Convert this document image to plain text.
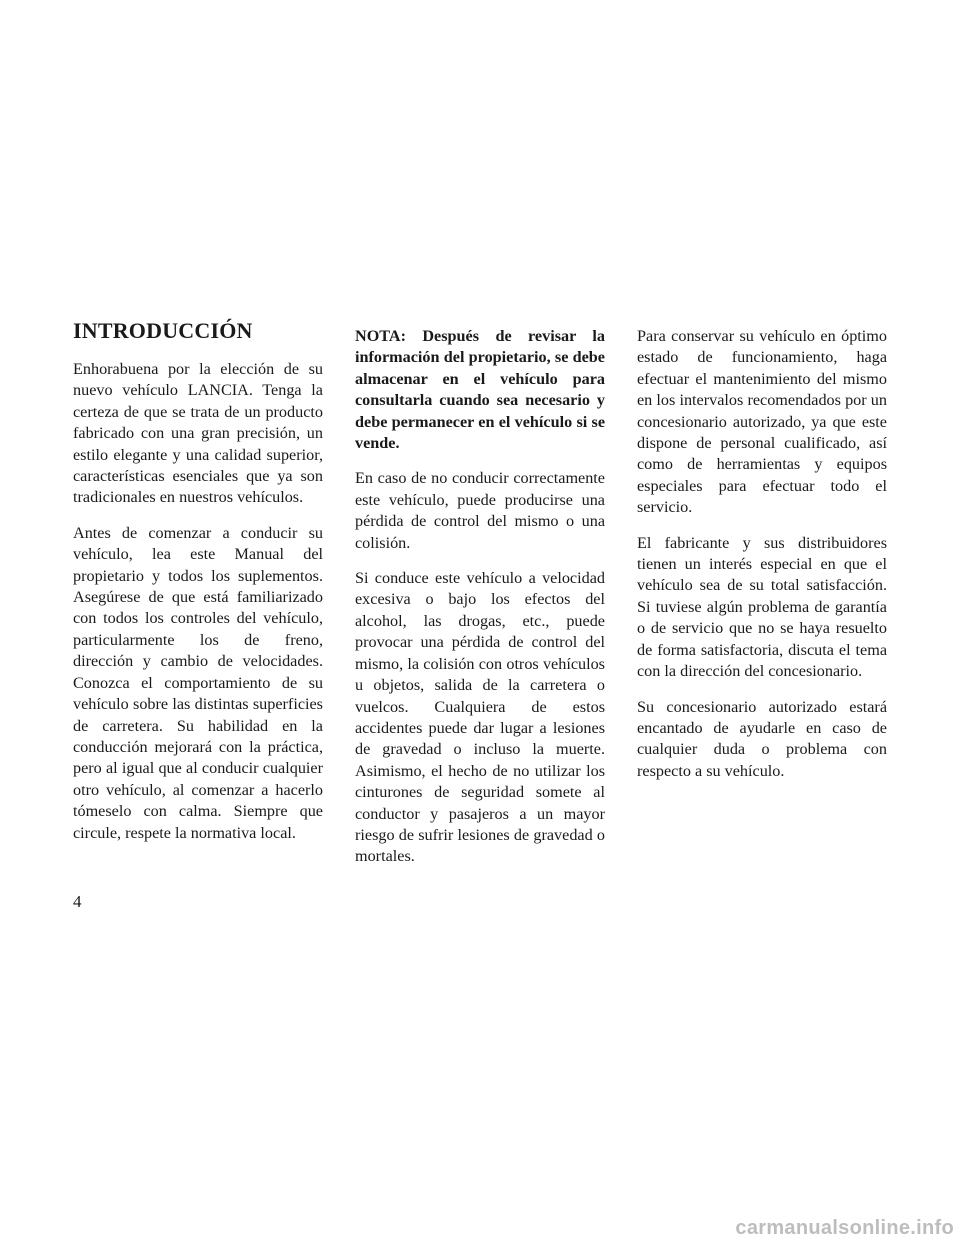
INTRODUCCIÓN

Enhorabuena por la elección de su nuevo vehículo LANCIA. Tenga la certeza de que se trata de un producto fabricado con una gran precisión, un estilo elegante y una calidad superior, características esenciales que ya son tradicionales en nuestros vehículos.

Antes de comenzar a conducir su vehículo, lea este Manual del propietario y todos los suplementos. Asegúrese de que está familiarizado con todos los controles del vehículo, particularmente los de freno, dirección y cambio de velocidades. Conozca el comportamiento de su vehículo sobre las distintas superficies de carretera. Su habilidad en la conducción mejorará con la práctica, pero al igual que al conducir cualquier otro vehículo, al comenzar a hacerlo tómeselo con calma. Siempre que circule, respete la normativa local.

NOTA: Después de revisar la información del propietario, se debe almacenar en el vehículo para consultarla cuando sea necesario y debe permanecer en el vehículo si se vende.

En caso de no conducir correctamente este vehículo, puede producirse una pérdida de control del mismo o una colisión.

Si conduce este vehículo a velocidad excesiva o bajo los efectos del alcohol, las drogas, etc., puede provocar una pérdida de control del mismo, la colisión con otros vehículos u objetos, salida de la carretera o vuelcos. Cualquiera de estos accidentes puede dar lugar a lesiones de gravedad o incluso la muerte. Asimismo, el hecho de no utilizar los cinturones de seguridad somete al conductor y pasajeros a un mayor riesgo de sufrir lesiones de gravedad o mortales.

Para conservar su vehículo en óptimo estado de funcionamiento, haga efectuar el mantenimiento del mismo en los intervalos recomendados por un concesionario autorizado, ya que este dispone de personal cualificado, así como de herramientas y equipos especiales para efectuar todo el servicio.

El fabricante y sus distribuidores tienen un interés especial en que el vehículo sea de su total satisfacción. Si tuviese algún problema de garantía o de servicio que no se haya resuelto de forma satisfactoria, discuta el tema con la dirección del concesionario.

Su concesionario autorizado estará encantado de ayudarle en caso de cualquier duda o problema con respecto a su vehículo.

4
carmanualsonline.info
